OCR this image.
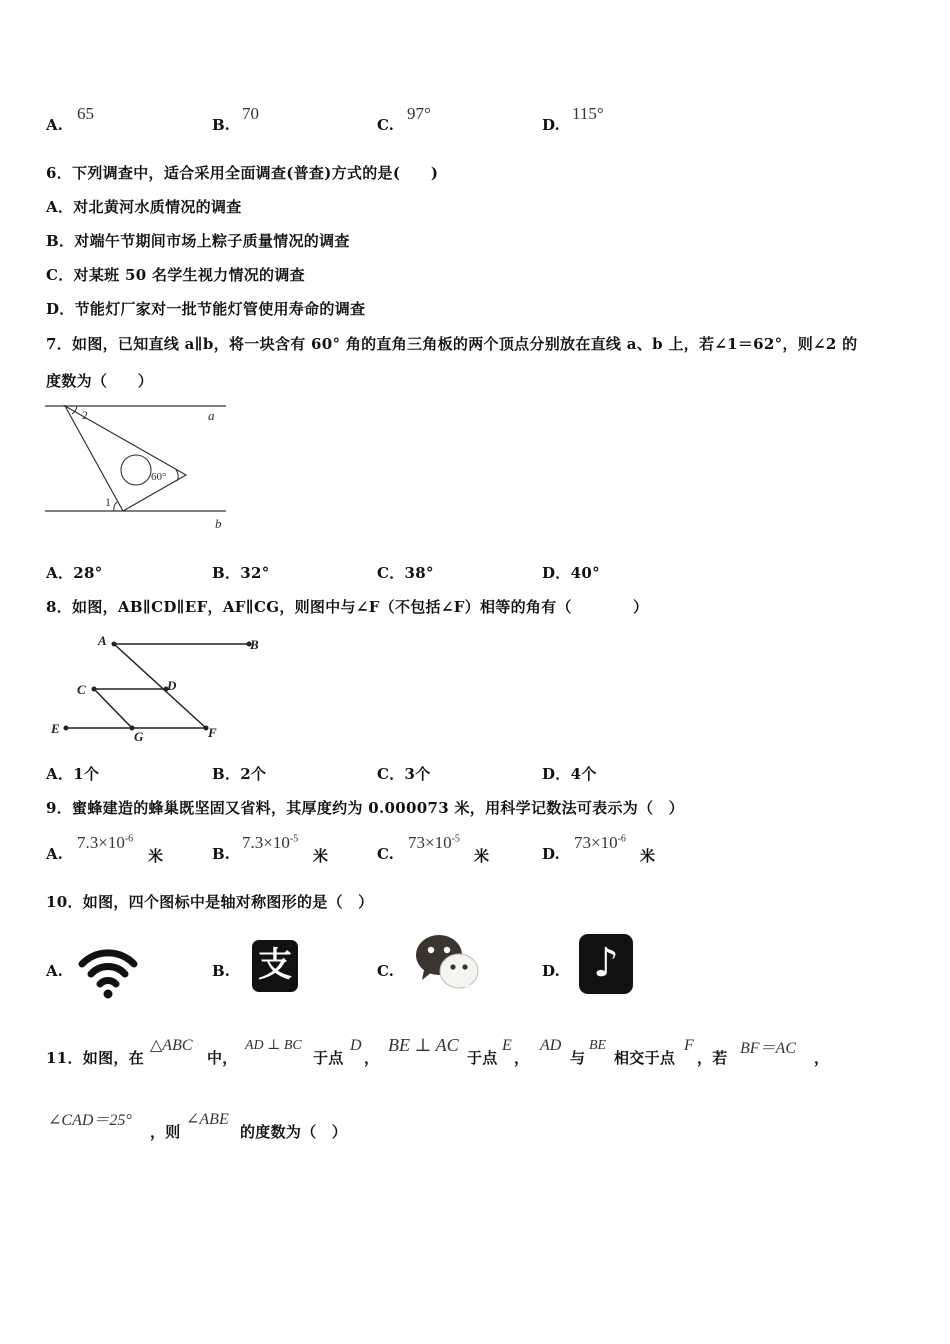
A.
65
B.
70
C.
97°
D.
115°
6．下列调查中，适合采用全面调查(普查)方式的是(　　)
A．对北黄河水质情况的调查
B．对端午节期间市场上粽子质量情况的调查
C．对某班 50 名学生视力情况的调查
D．节能灯厂家对一批节能灯管使用寿命的调查
7．如图，已知直线 a∥b，将一块含有 60° 角的直角三角板的两个顶点分别放在直线 a、b 上，若∠1＝62°，则∠2 的
度数为（　　）
a
b
2
1
60°
A．28°	B．32°	C．38°	D．40°
8．如图，AB∥CD∥EF，AF∥CG，则图中与∠F（不包括∠F）相等的角有（　　　　）
A	B
C	D
E
G	F
A．1个	B．2个	C．3个	D．4个
9．蜜蜂建造的蜂巢既坚固又省料，其厚度约为 0.000073 米，用科学记数法可表示为（　）
A.
$7.3\times 10^{-6}$
米	B.
$7.3\times 10^{-5}$
米	C.
$73\times 10^{-5}$
米	D.
$73\times 10^{-6}$
米
10．如图，四个图标中是轴对称图形的是（　）
A.	B. 支	C.	D. ♪
11．如图，在
△ABC
中，
AD ⊥ BC
于点
D
，
BE ⊥ AC
于点
E
，
AD
与
BE
相交于点
F
，若
BF＝AC
，
∠CAD＝25°
，则
∠ABE
的度数为（　）
